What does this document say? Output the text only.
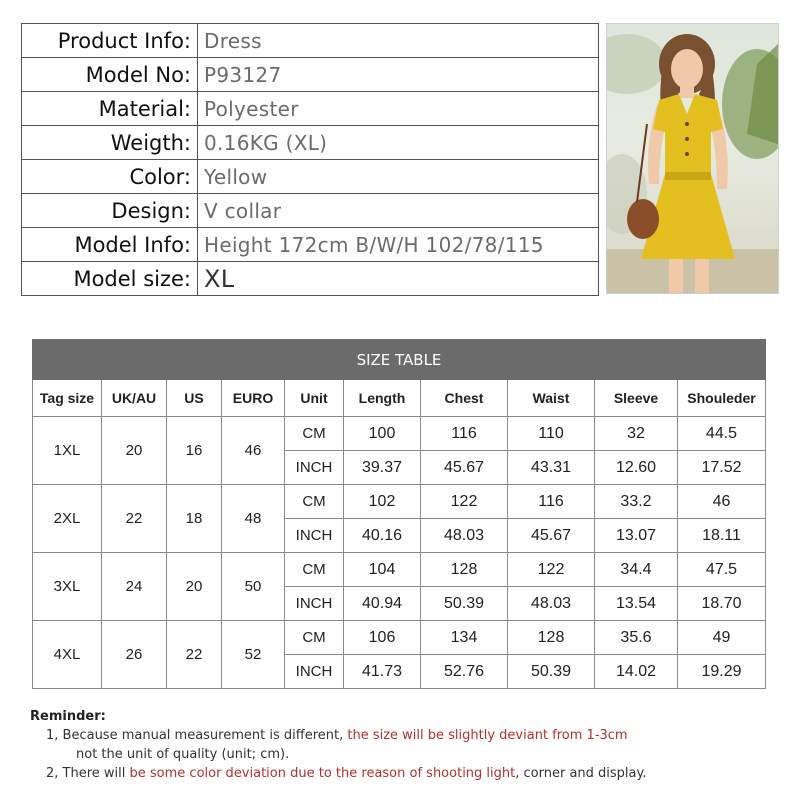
Product Info:	Dress
Model No:	P93127
Material:	Polyester
Weigth:	0.16KG (XL)
Color:	Yellow
Design:	V collar
Model Info:	Height 172cm B/W/H 102/78/115
Model size:	XL
SIZE TABLE									
Tag size	UK/AU	US	EURO	Unit	Length	Chest	Waist	Sleeve	Shouleder
1XL	20	16	46	CM	100	116	110	32	44.5
				INCH	39.37	45.67	43.31	12.60	17.52
2XL	22	18	48	CM	102	122	116	33.2	46
				INCH	40.16	48.03	45.67	13.07	18.11
3XL	24	20	50	CM	104	128	122	34.4	47.5
				INCH	40.94	50.39	48.03	13.54	18.70
4XL	26	22	52	CM	106	134	128	35.6	49
				INCH	41.73	52.76	50.39	14.02	19.29
Reminder:
1, Because manual measurement is different, the size will be slightly deviant from 1-3cm
not the unit of quality (unit; cm).
2, There will be some color deviation due to the reason of shooting light, corner and display.
